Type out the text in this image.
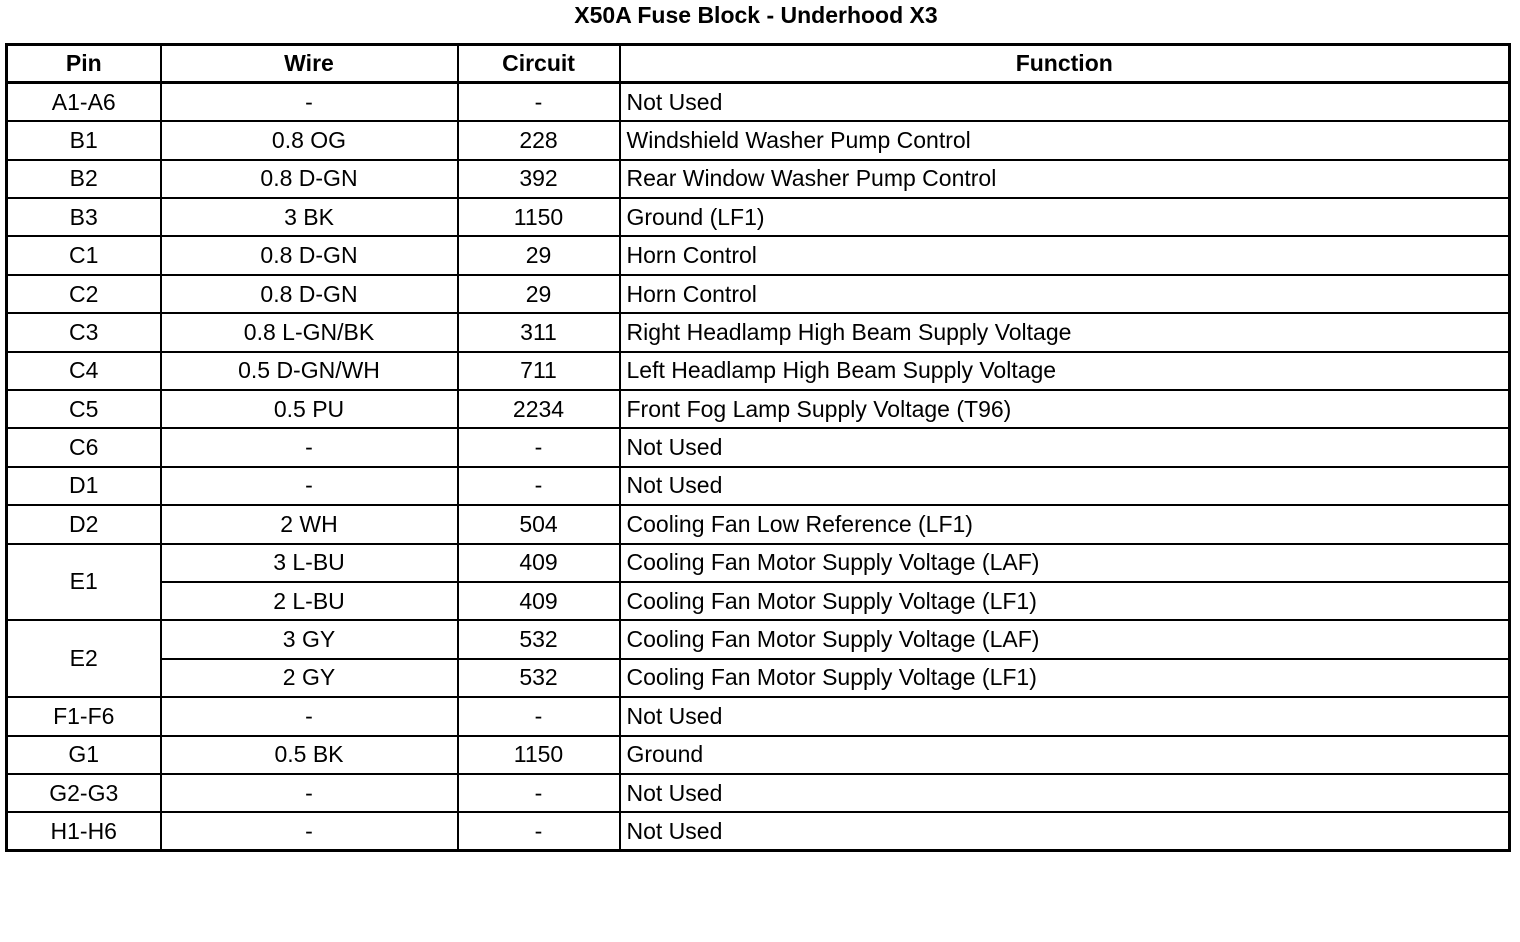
X50A Fuse Block - Underhood X3
Pin	Wire	Circuit	Function
A1-A6	-	-	Not Used
B1	0.8 OG	228	Windshield Washer Pump Control
B2	0.8 D-GN	392	Rear Window Washer Pump Control
B3	3 BK	1150	Ground (LF1)
C1	0.8 D-GN	29	Horn Control
C2	0.8 D-GN	29	Horn Control
C3	0.8 L-GN/BK	311	Right Headlamp High Beam Supply Voltage
C4	0.5 D-GN/WH	711	Left Headlamp High Beam Supply Voltage
C5	0.5 PU	2234	Front Fog Lamp Supply Voltage (T96)
C6	-	-	Not Used
D1	-	-	Not Used
D2	2 WH	504	Cooling Fan Low Reference (LF1)
E1	3 L-BU	409	Cooling Fan Motor Supply Voltage (LAF)
	2 L-BU	409	Cooling Fan Motor Supply Voltage (LF1)
E2	3 GY	532	Cooling Fan Motor Supply Voltage (LAF)
	2 GY	532	Cooling Fan Motor Supply Voltage (LF1)
F1-F6	-	-	Not Used
G1	0.5 BK	1150	Ground
G2-G3	-	-	Not Used
H1-H6	-	-	Not Used
